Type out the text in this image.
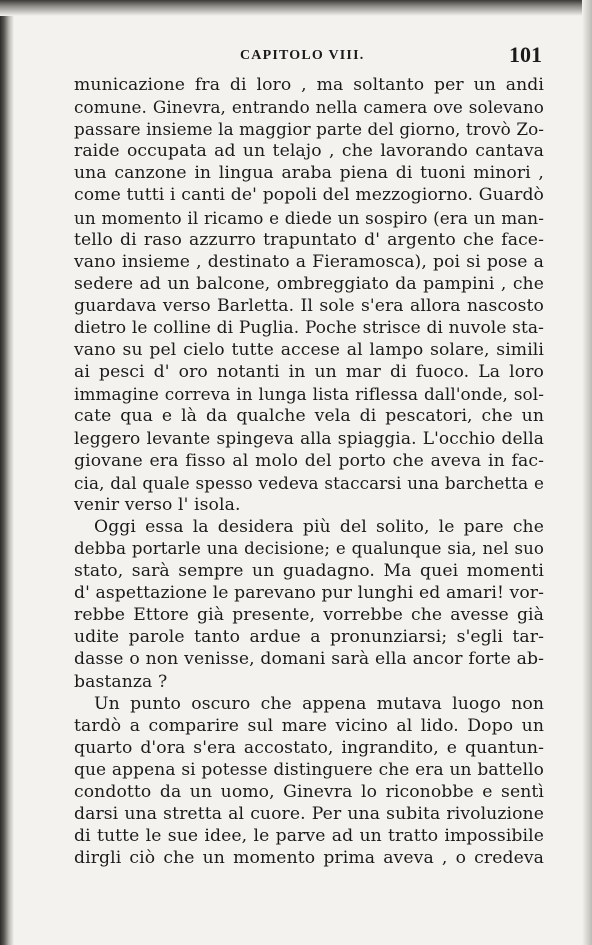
CAPITOLO VIII.	101
municazione fra di loro , ma soltanto per un andi
comune. Ginevra, entrando nella camera ove solevano
passare insieme la maggior parte del giorno, trovò Zo-
raide occupata ad un telajo , che lavorando cantava
una canzone in lingua araba piena di tuoni minori ,
come tutti i canti de' popoli del mezzogiorno. Guardò
un momento il ricamo e diede un sospiro (era un man-
tello di raso azzurro trapuntato d' argento che face-
vano insieme , destinato a Fieramosca), poi si pose a
sedere ad un balcone, ombreggiato da pampini , che
guardava verso Barletta. Il sole s'era allora nascosto
dietro le colline di Puglia. Poche strisce di nuvole sta-
vano su pel cielo tutte accese al lampo solare, simili
ai pesci d' oro notanti in un mar di fuoco. La loro
immagine correva in lunga lista riflessa dall'onde, sol-
cate qua e là da qualche vela di pescatori, che un
leggero levante spingeva alla spiaggia. L'occhio della
giovane era fisso al molo del porto che aveva in fac-
cia, dal quale spesso vedeva staccarsi una barchetta e
venir verso l' isola.
Oggi essa la desidera più del solito, le pare che
debba portarle una decisione; e qualunque sia, nel suo
stato, sarà sempre un guadagno. Ma quei momenti
d' aspettazione le parevano pur lunghi ed amari! vor-
rebbe Ettore già presente, vorrebbe che avesse già
udite parole tanto ardue a pronunziarsi; s'egli tar-
dasse o non venisse, domani sarà ella ancor forte ab-
bastanza ?
Un punto oscuro che appena mutava luogo non
tardò a comparire sul mare vicino al lido. Dopo un
quarto d'ora s'era accostato, ingrandito, e quantun-
que appena si potesse distinguere che era un battello
condotto da un uomo, Ginevra lo riconobbe e sentì
darsi una stretta al cuore. Per una subita rivoluzione
di tutte le sue idee, le parve ad un tratto impossibile
dirgli ciò che un momento prima aveva , o credeva
